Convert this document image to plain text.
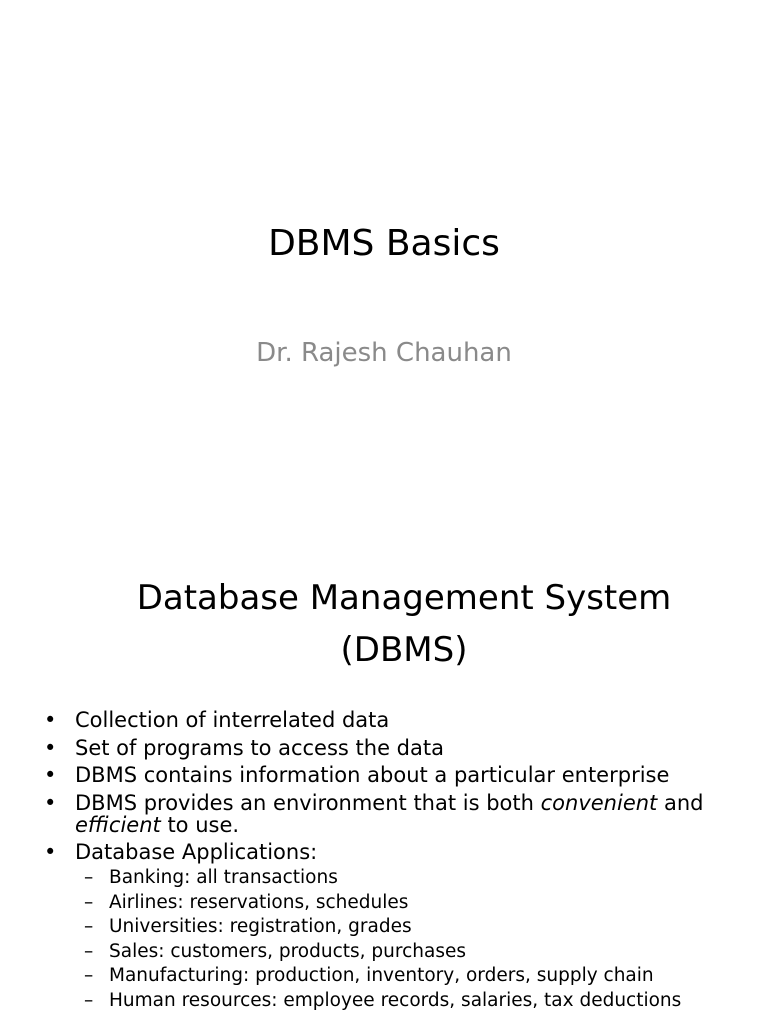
DBMS Basics
Dr. Rajesh Chauhan
Database Management System
(DBMS)
• Collection of interrelated data
• Set of programs to access the data
• DBMS contains information about a particular enterprise
• DBMS provides an environment that is both convenient and efficient to use.
• Database Applications:
– Banking: all transactions
– Airlines: reservations, schedules
– Universities: registration, grades
– Sales: customers, products, purchases
– Manufacturing: production, inventory, orders, supply chain
– Human resources: employee records, salaries, tax deductions
